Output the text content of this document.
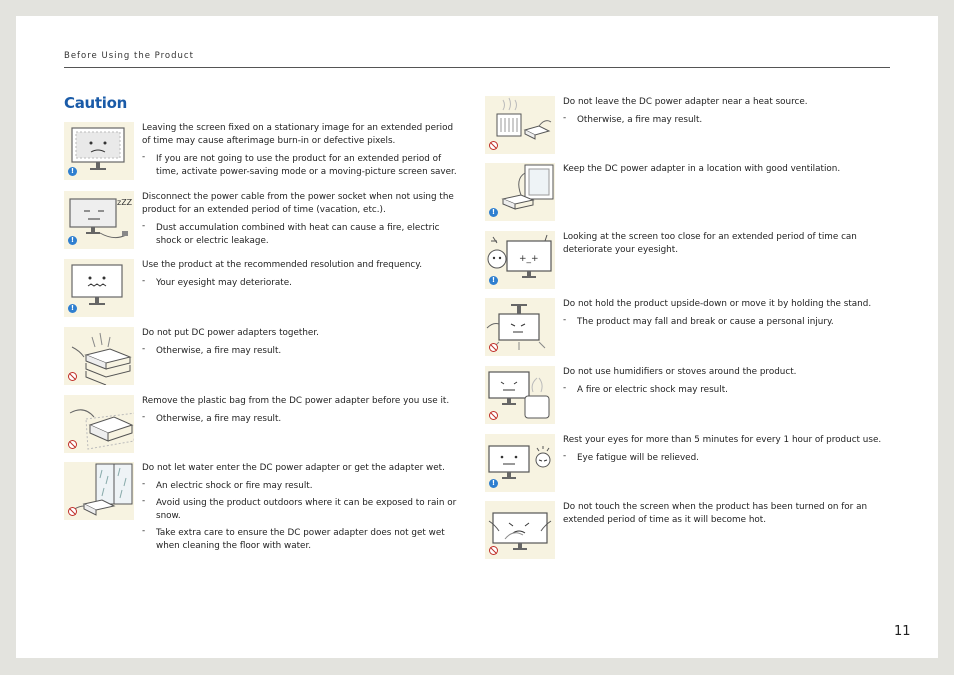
Before Using the Product
Caution
!
Leaving the screen fixed on a stationary image for an extended period of time may cause afterimage burn-in or defective pixels.
- If you are not going to use the product for an extended period of time, activate power-saving mode or a moving-picture screen saver.
zZZ
!
Disconnect the power cable from the power socket when not using the product for an extended period of time (vacation, etc.).
- Dust accumulation combined with heat can cause a fire, electric shock or electric leakage.
!
Use the product at the recommended resolution and frequency.
- Your eyesight may deteriorate.
Do not put DC power adapters together.
- Otherwise, a fire may result.
Remove the plastic bag from the DC power adapter before you use it.
- Otherwise, a fire may result.
Do not let water enter the DC power adapter or get the adapter wet.
- An electric shock or fire may result.
- Avoid using the product outdoors where it can be exposed to rain or snow.
- Take extra care to ensure the DC power adapter does not get wet when cleaning the floor with water.
Do not leave the DC power adapter near a heat source.
- Otherwise, a fire may result.
!
Keep the DC power adapter in a location with good ventilation.
+_+
!
Looking at the screen too close for an extended period of time can deteriorate your eyesight.
Do not hold the product upside-down or move it by holding the stand.
- The product may fall and break or cause a personal injury.
Do not use humidifiers or stoves around the product.
- A fire or electric shock may result.
!
Rest your eyes for more than 5 minutes for every 1 hour of product use.
- Eye fatigue will be relieved.
Do not touch the screen when the product has been turned on for an extended period of time as it will become hot.
11
